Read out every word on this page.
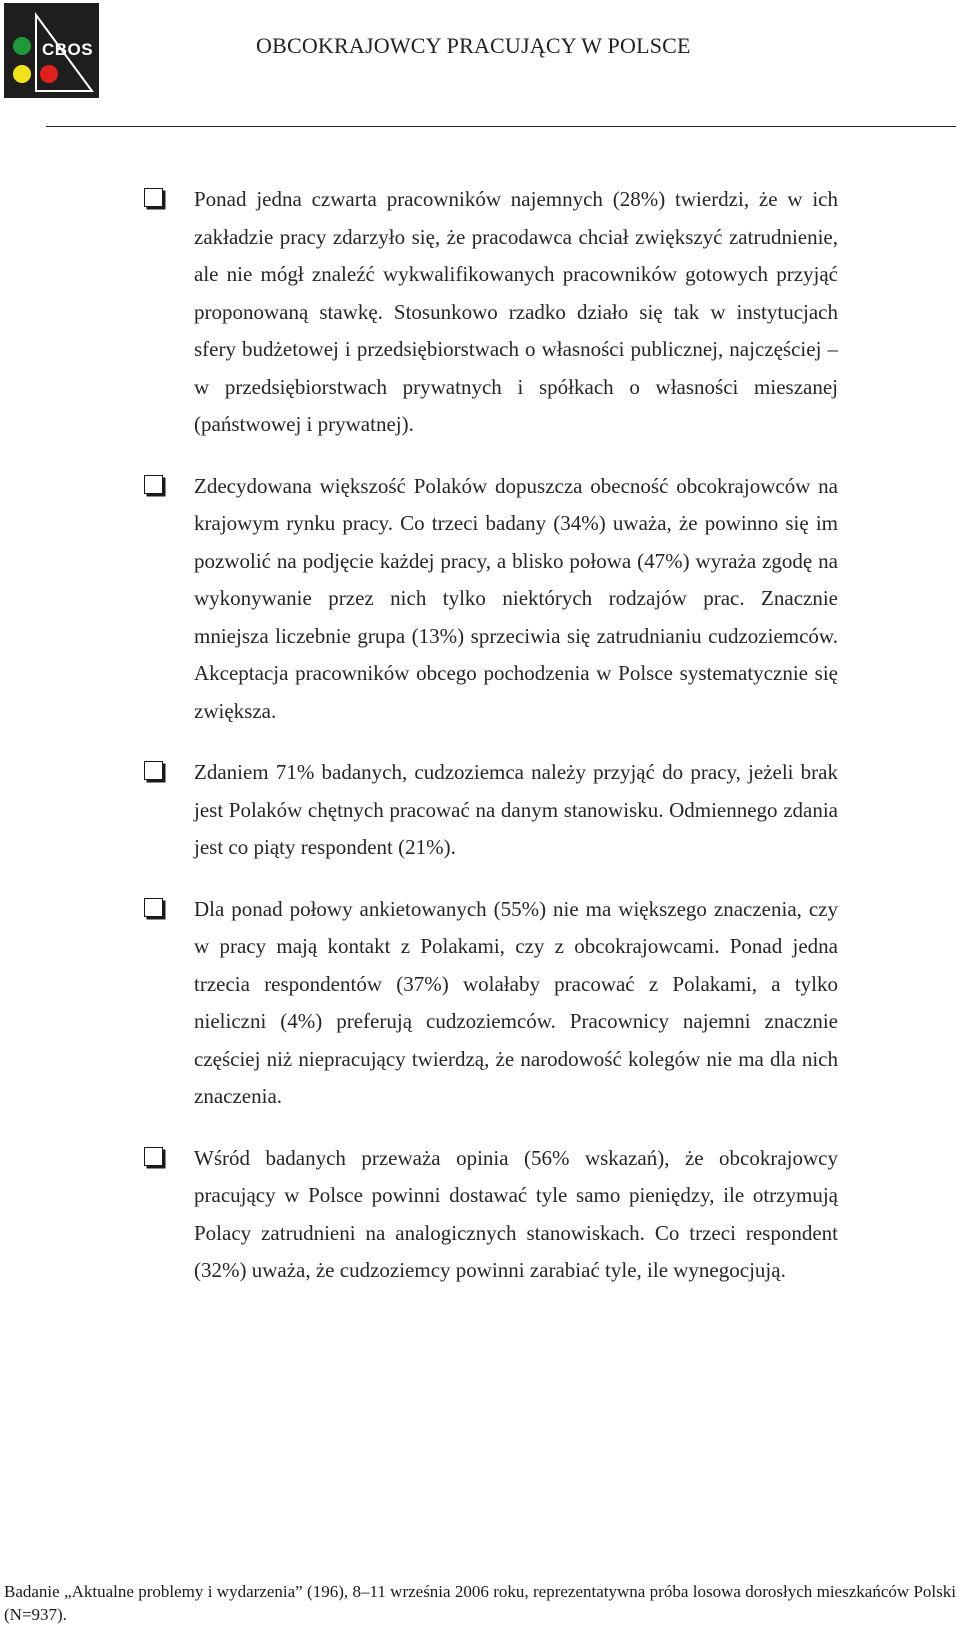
CBOS	OBCOKRAJOWCY PRACUJĄCY W POLSCE
Ponad jedna czwarta pracowników najemnych (28%) twierdzi, że w ich zakładzie pracy zdarzyło się, że pracodawca chciał zwiększyć zatrudnienie, ale nie mógł znaleźć wykwalifikowanych pracowników gotowych przyjąć proponowaną stawkę. Stosunkowo rzadko działo się tak w instytucjach sfery budżetowej i przedsiębiorstwach o własności publicznej, najczęściej – w przedsiębiorstwach prywatnych i spółkach o własności mieszanej (państwowej i prywatnej).
Zdecydowana większość Polaków dopuszcza obecność obcokrajowców na krajowym rynku pracy. Co trzeci badany (34%) uważa, że powinno się im pozwolić na podjęcie każdej pracy, a blisko połowa (47%) wyraża zgodę na wykonywanie przez nich tylko niektórych rodzajów prac. Znacznie mniejsza liczebnie grupa (13%) sprzeciwia się zatrudnianiu cudzoziemców. Akceptacja pracowników obcego pochodzenia w Polsce systematycznie się zwiększa.
Zdaniem 71% badanych, cudzoziemca należy przyjąć do pracy, jeżeli brak jest Polaków chętnych pracować na danym stanowisku. Odmiennego zdania jest co piąty respondent (21%).
Dla ponad połowy ankietowanych (55%) nie ma większego znaczenia, czy w pracy mają kontakt z Polakami, czy z obcokrajowcami. Ponad jedna trzecia respondentów (37%) wolałaby pracować z Polakami, a tylko nieliczni (4%) preferują cudzoziemców. Pracownicy najemni znacznie częściej niż niepracujący twierdzą, że narodowość kolegów nie ma dla nich znaczenia.
Wśród badanych przeważa opinia (56% wskazań), że obcokrajowcy pracujący w Polsce powinni dostawać tyle samo pieniędzy, ile otrzymują Polacy zatrudnieni na analogicznych stanowiskach. Co trzeci respondent (32%) uważa, że cudzoziemcy powinni zarabiać tyle, ile wynegocjują.
Badanie „Aktualne problemy i wydarzenia” (196), 8–11 września 2006 roku, reprezentatywna próba losowa dorosłych mieszkańców Polski (N=937).
